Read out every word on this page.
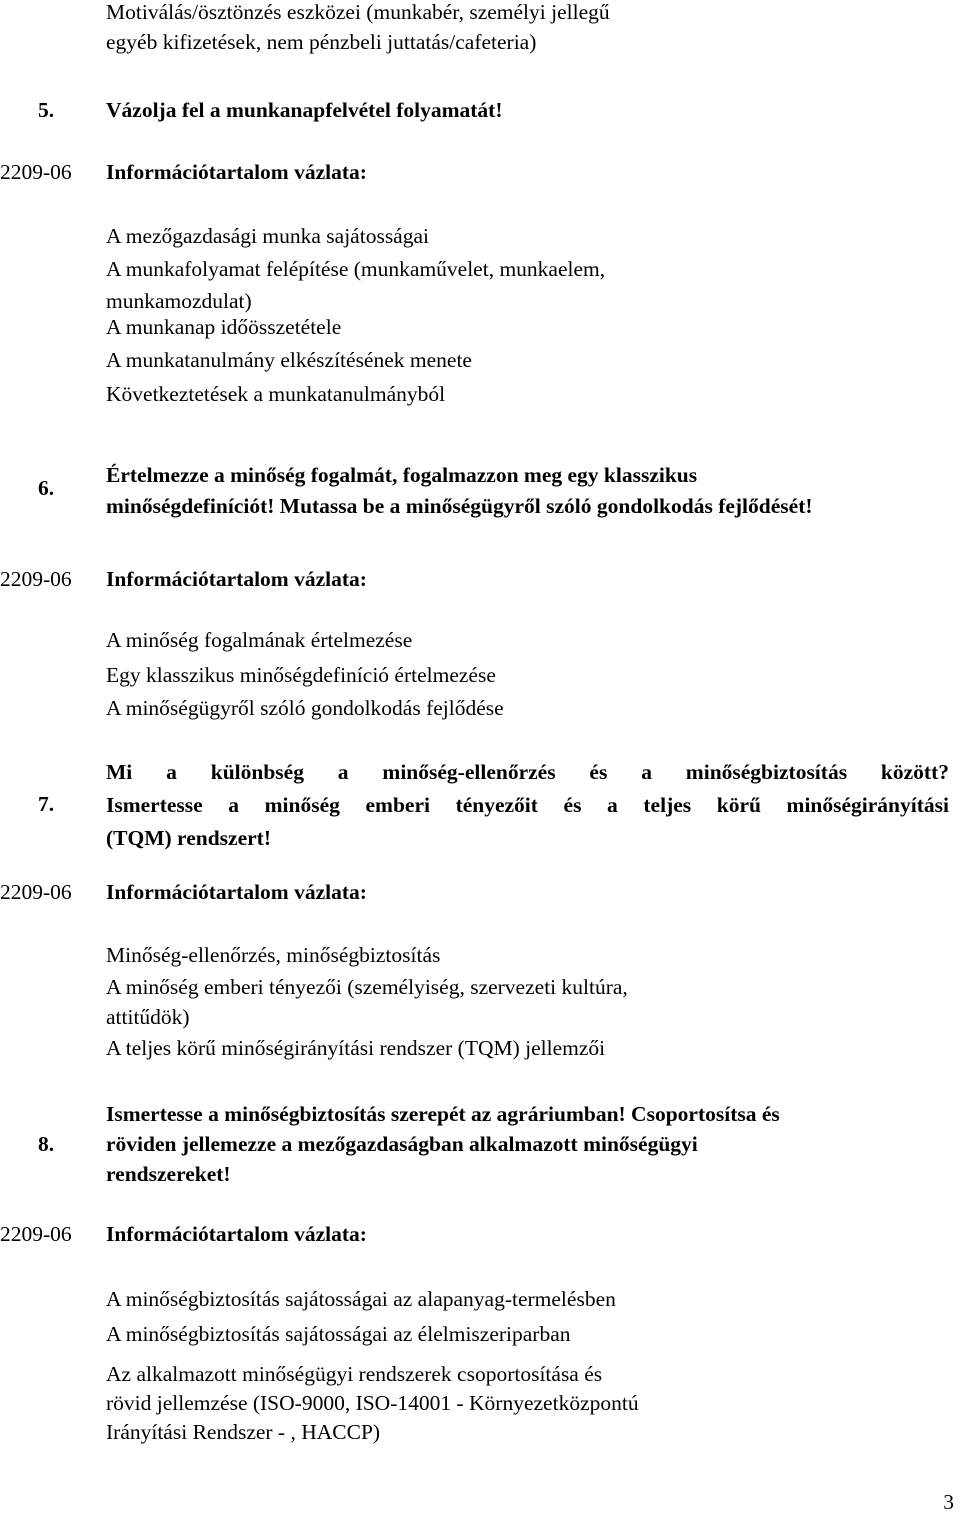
Motiválás/ösztönzés eszközei (munkabér, személyi jellegű
egyéb kifizetések, nem pénzbeli juttatás/cafeteria)
5. Vázolja fel a munkanapfelvétel folyamatát!
2209-06 Információtartalom vázlata:
A mezőgazdasági munka sajátosságai
A munkafolyamat felépítése (munkaművelet, munkaelem,
munkamozdulat)
A munkanap időösszetétele
A munkatanulmány elkészítésének menete
Következtetések a munkatanulmányból
6.
Értelmezze a minőség fogalmát, fogalmazzon meg egy klasszikus
minőségdefiníciót! Mutassa be a minőségügyről szóló gondolkodás fejlődését!
2209-06 Információtartalom vázlata:
A minőség fogalmának értelmezése
Egy klasszikus minőségdefiníció értelmezése
A minőségügyről szóló gondolkodás fejlődése
7.
Mi a különbség a minőség-ellenőrzés és a minőségbiztosítás között?
Ismertesse a minőség emberi tényezőit és a teljes körű minőségirányítási
(TQM) rendszert!
2209-06 Információtartalom vázlata:
Minőség-ellenőrzés, minőségbiztosítás
A minőség emberi tényezői (személyiség, szervezeti kultúra,
attitűdök)
A teljes körű minőségirányítási rendszer (TQM) jellemzői
8.
Ismertesse a minőségbiztosítás szerepét az agráriumban! Csoportosítsa és
röviden jellemezze a mezőgazdaságban alkalmazott minőségügyi
rendszereket!
2209-06 Információtartalom vázlata:
A minőségbiztosítás sajátosságai az alapanyag-termelésben
A minőségbiztosítás sajátosságai az élelmiszeriparban
Az alkalmazott minőségügyi rendszerek csoportosítása és
rövid jellemzése (ISO-9000, ISO-14001 - Környezetközpontú
Irányítási Rendszer - , HACCP)
3
